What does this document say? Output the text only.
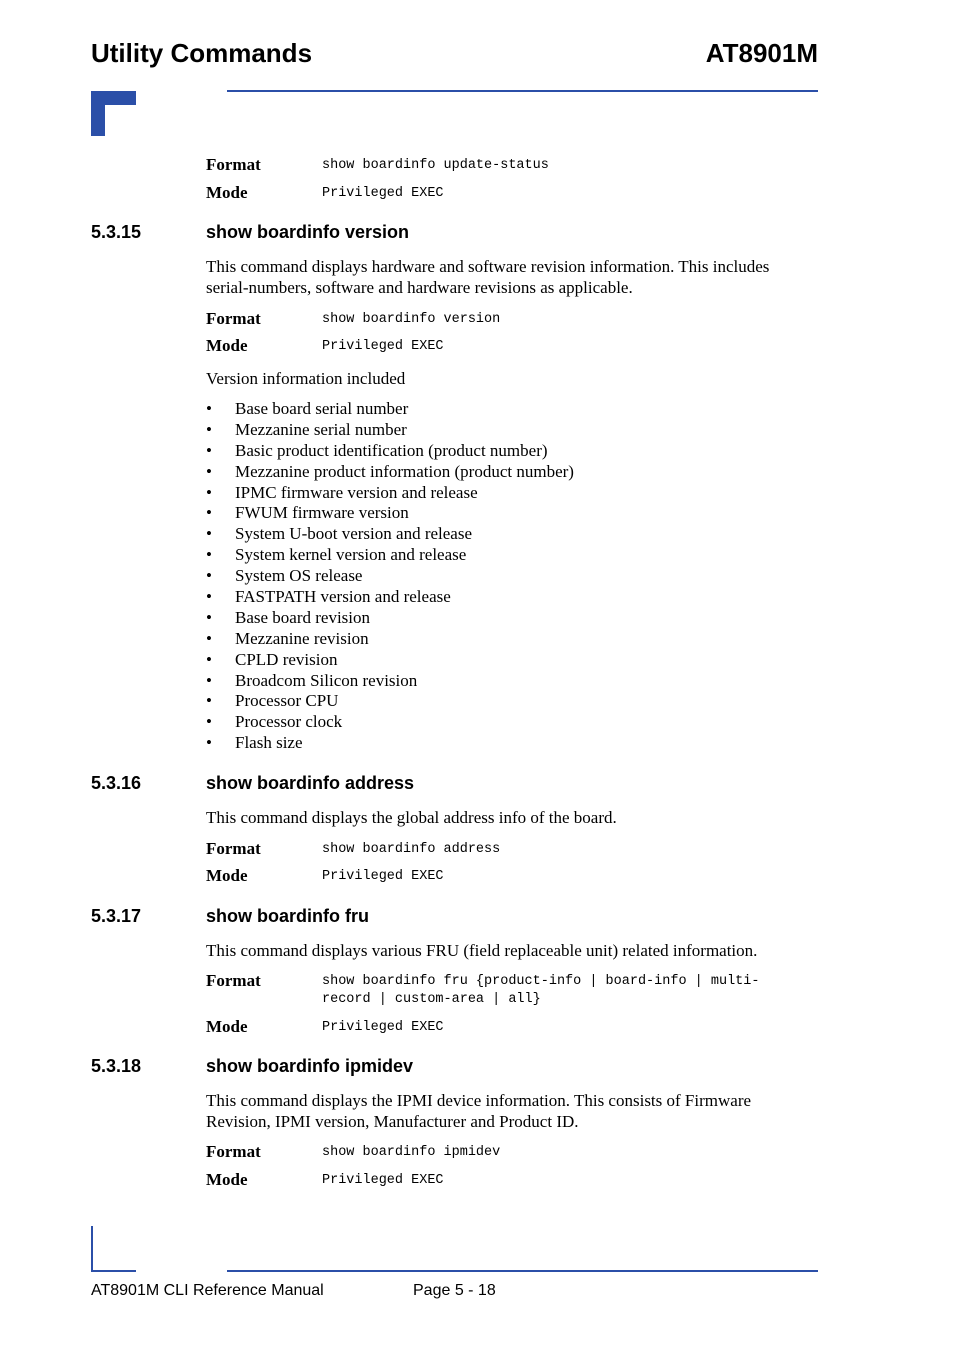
Utility Commands	AT8901M
Format	show boardinfo update-status
Mode	Privileged EXEC
5.3.15	show boardinfo version
This command displays hardware and software revision information. This includes serial-numbers, software and hardware revisions as applicable.
Format	show boardinfo version
Mode	Privileged EXEC
Version information included
• Base board serial number
• Mezzanine serial number
• Basic product identification (product number)
• Mezzanine product information (product number)
• IPMC firmware version and release
• FWUM firmware version
• System U-boot version and release
• System kernel version and release
• System OS release
• FASTPATH version and release
• Base board revision
• Mezzanine revision
• CPLD revision
• Broadcom Silicon revision
• Processor CPU
• Processor clock
• Flash size
5.3.16	show boardinfo address
This command displays the global address info of the board.
Format	show boardinfo address
Mode	Privileged EXEC
5.3.17	show boardinfo fru
This command displays various FRU (field replaceable unit) related information.
Format	show boardinfo fru {product-info | board-info | multi-
record | custom-area | all}
Mode	Privileged EXEC
5.3.18	show boardinfo ipmidev
This command displays the IPMI device information. This consists of Firmware Revision, IPMI version, Manufacturer and Product ID.
Format	show boardinfo ipmidev
Mode	Privileged EXEC
AT8901M CLI Reference Manual	Page 5 - 18
